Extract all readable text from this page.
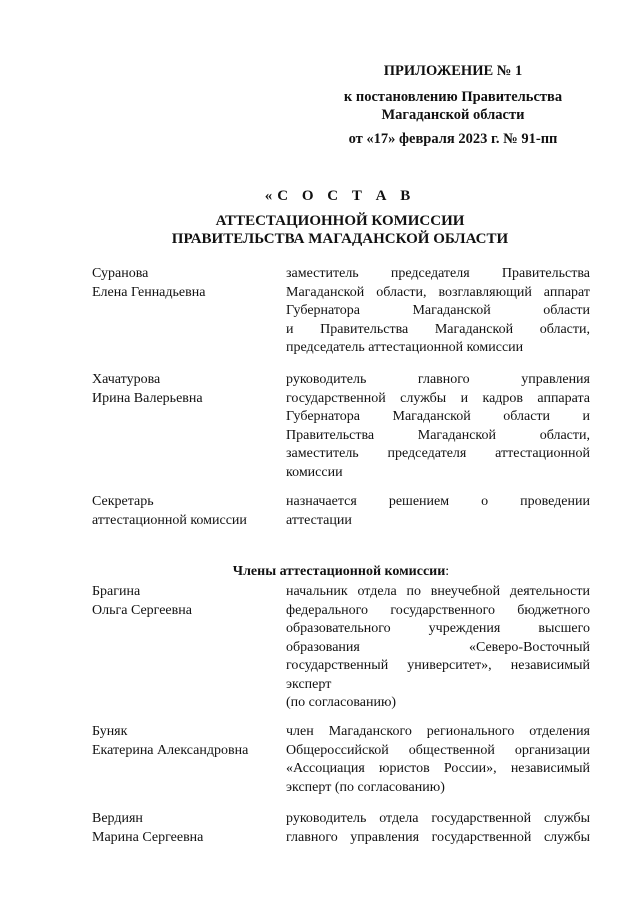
ПРИЛОЖЕНИЕ № 1
к постановлению Правительства
Магаданской области
от «17» февраля 2023 г. № 91-пп
«С О С Т А В
АТТЕСТАЦИОННОЙ КОМИССИИ
ПРАВИТЕЛЬСТВА МАГАДАНСКОЙ ОБЛАСТИ
Суранова
Елена Геннадьевна
заместитель председателя Правительства
Магаданской области, возглавляющий аппарат
Губернатора Магаданской области
и Правительства Магаданской области,
председатель аттестационной комиссии
Хачатурова
Ирина Валерьевна
руководитель главного управления
государственной службы и кадров аппарата
Губернатора Магаданской области и
Правительства Магаданской области,
заместитель председателя аттестационной
комиссии
Секретарь
аттестационной комиссии
назначается решением о проведении
аттестации
Члены аттестационной комиссии:
Брагина
Ольга Сергеевна
начальник отдела по внеучебной деятельности
федерального государственного бюджетного
образовательного учреждения высшего
образования «Северо-Восточный
государственный университет», независимый
эксперт
(по согласованию)
Буняк
Екатерина Александровна
член Магаданского регионального отделения
Общероссийской общественной организации
«Ассоциация юристов России», независимый
эксперт (по согласованию)
Вердиян
Марина Сергеевна
руководитель отдела государственной службы
главного управления государственной службы
